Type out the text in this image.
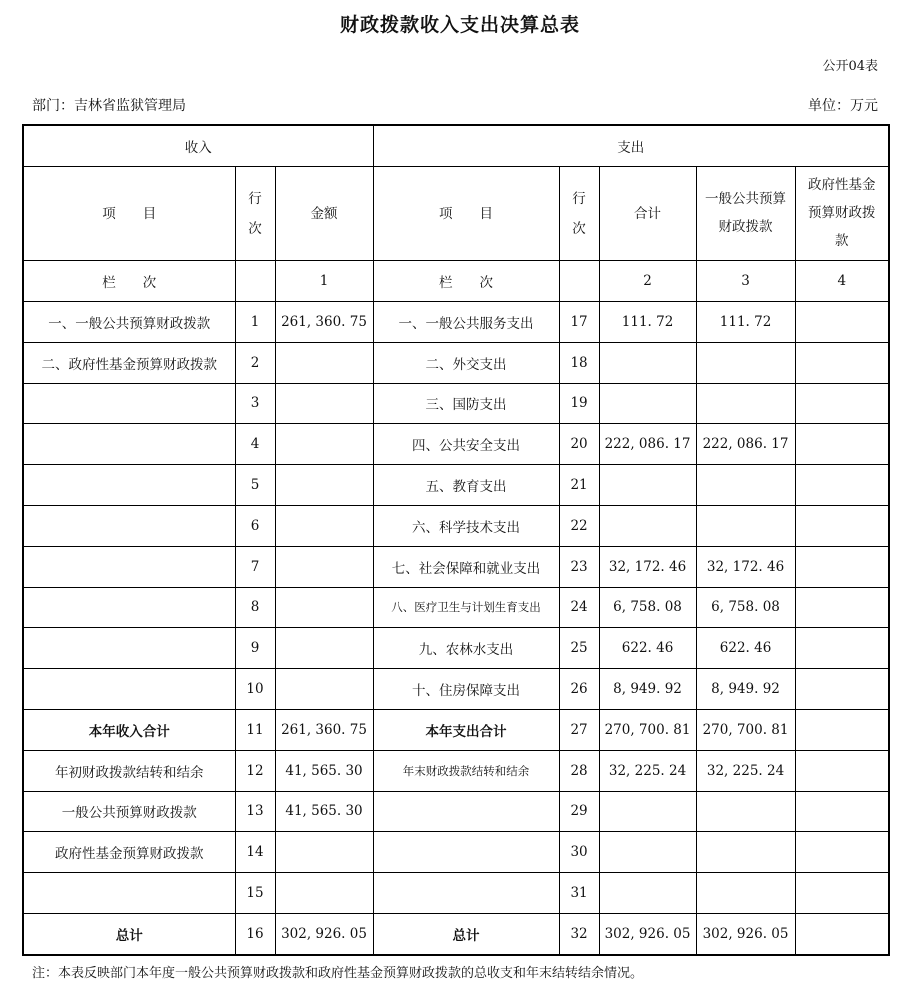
财政拨款收入支出决算总表
公开04表
部门：吉林省监狱管理局	单位：万元
收入			支出				
项　　目	行次	金额	项　　目	行次	合计	一般公共预算财政拨款	政府性基金预算财政拨款
栏　　次		1	栏　　次		2	3	4
一、一般公共预算财政拨款	1	261, 360. 75	一、一般公共服务支出	17	111. 72	111. 72	
二、政府性基金预算财政拨款	2		二、外交支出	18			
	3		三、国防支出	19			
	4		四、公共安全支出	20	222, 086. 17	222, 086. 17	
	5		五、教育支出	21			
	6		六、科学技术支出	22			
	7		七、社会保障和就业支出	23	32, 172. 46	32, 172. 46	
	8		八、医疗卫生与计划生育支出	24	6, 758. 08	6, 758. 08	
	9		九、农林水支出	25	622. 46	622. 46	
	10		十、住房保障支出	26	8, 949. 92	8, 949. 92	
本年收入合计	11	261, 360. 75	本年支出合计	27	270, 700. 81	270, 700. 81	
年初财政拨款结转和结余	12	41, 565. 30	年末财政拨款结转和结余	28	32, 225. 24	32, 225. 24	
一般公共预算财政拨款	13	41, 565. 30		29			
政府性基金预算财政拨款	14			30			
	15			31			
总计	16	302, 926. 05	总计	32	302, 926. 05	302, 926. 05	
注：本表反映部门本年度一般公共预算财政拨款和政府性基金预算财政拨款的总收支和年末结转结余情况。
